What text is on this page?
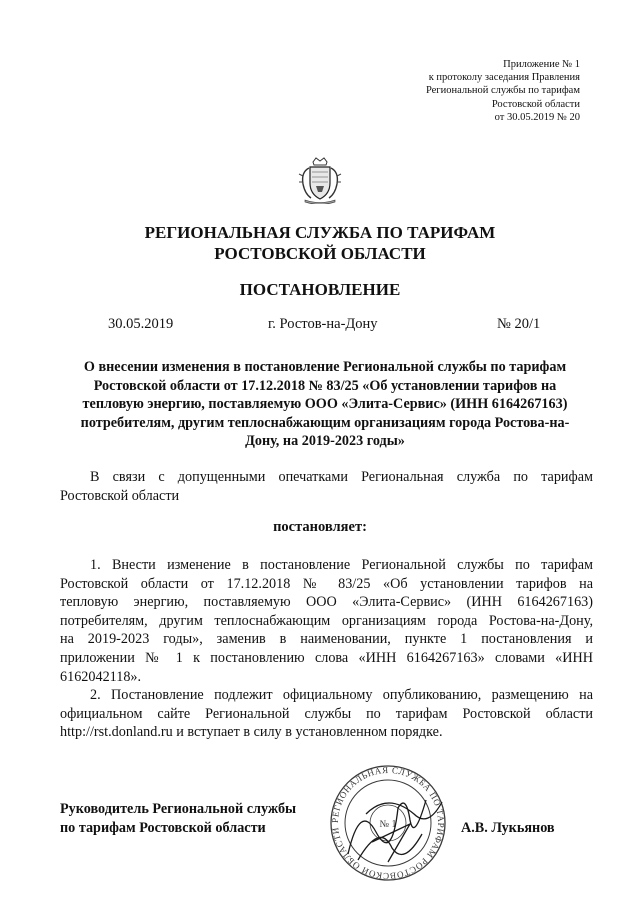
Приложение № 1
к протоколу заседания Правления
Региональной службы по тарифам
Ростовской области
от 30.05.2019 № 20
РЕГИОНАЛЬНАЯ СЛУЖБА ПО ТАРИФАМ
РОСТОВСКОЙ ОБЛАСТИ
ПОСТАНОВЛЕНИЕ
30.05.2019	г. Ростов-на-Дону	№ 20/1
О внесении изменения в постановление Региональной службы по тарифам
Ростовской области от 17.12.2018 № 83/25 «Об установлении тарифов на
тепловую энергию, поставляемую ООО «Элита-Сервис» (ИНН 6164267163)
потребителям, другим теплоснабжающим организациям города Ростова-на-
Дону, на 2019-2023 годы»
В связи с допущенными опечатками Региональная служба по тарифам
Ростовской области
постановляет:
1. Внести изменение в постановление Региональной службы по тарифам
Ростовской области от 17.12.2018 № 83/25 «Об установлении тарифов на
тепловую энергию, поставляемую ООО «Элита-Сервис» (ИНН 6164267163)
потребителям, другим теплоснабжающим организациям города Ростова-на-Дону,
на 2019-2023 годы», заменив в наименовании, пункте 1 постановления и
приложении № 1 к постановлению слова «ИНН 6164267163» словами «ИНН
6162042118».
2. Постановление подлежит официальному опубликованию, размещению на
официальном сайте Региональной службы по тарифам Ростовской области
http://rst.donland.ru и вступает в силу в установленном порядке.
РЕГИОНАЛЬНАЯ СЛУЖБА ПО ТАРИФАМ РОСТОВСКОЙ ОБЛАСТИ
№ 1
Руководитель Региональной службы
по тарифам Ростовской области	А.В. Лукьянов
